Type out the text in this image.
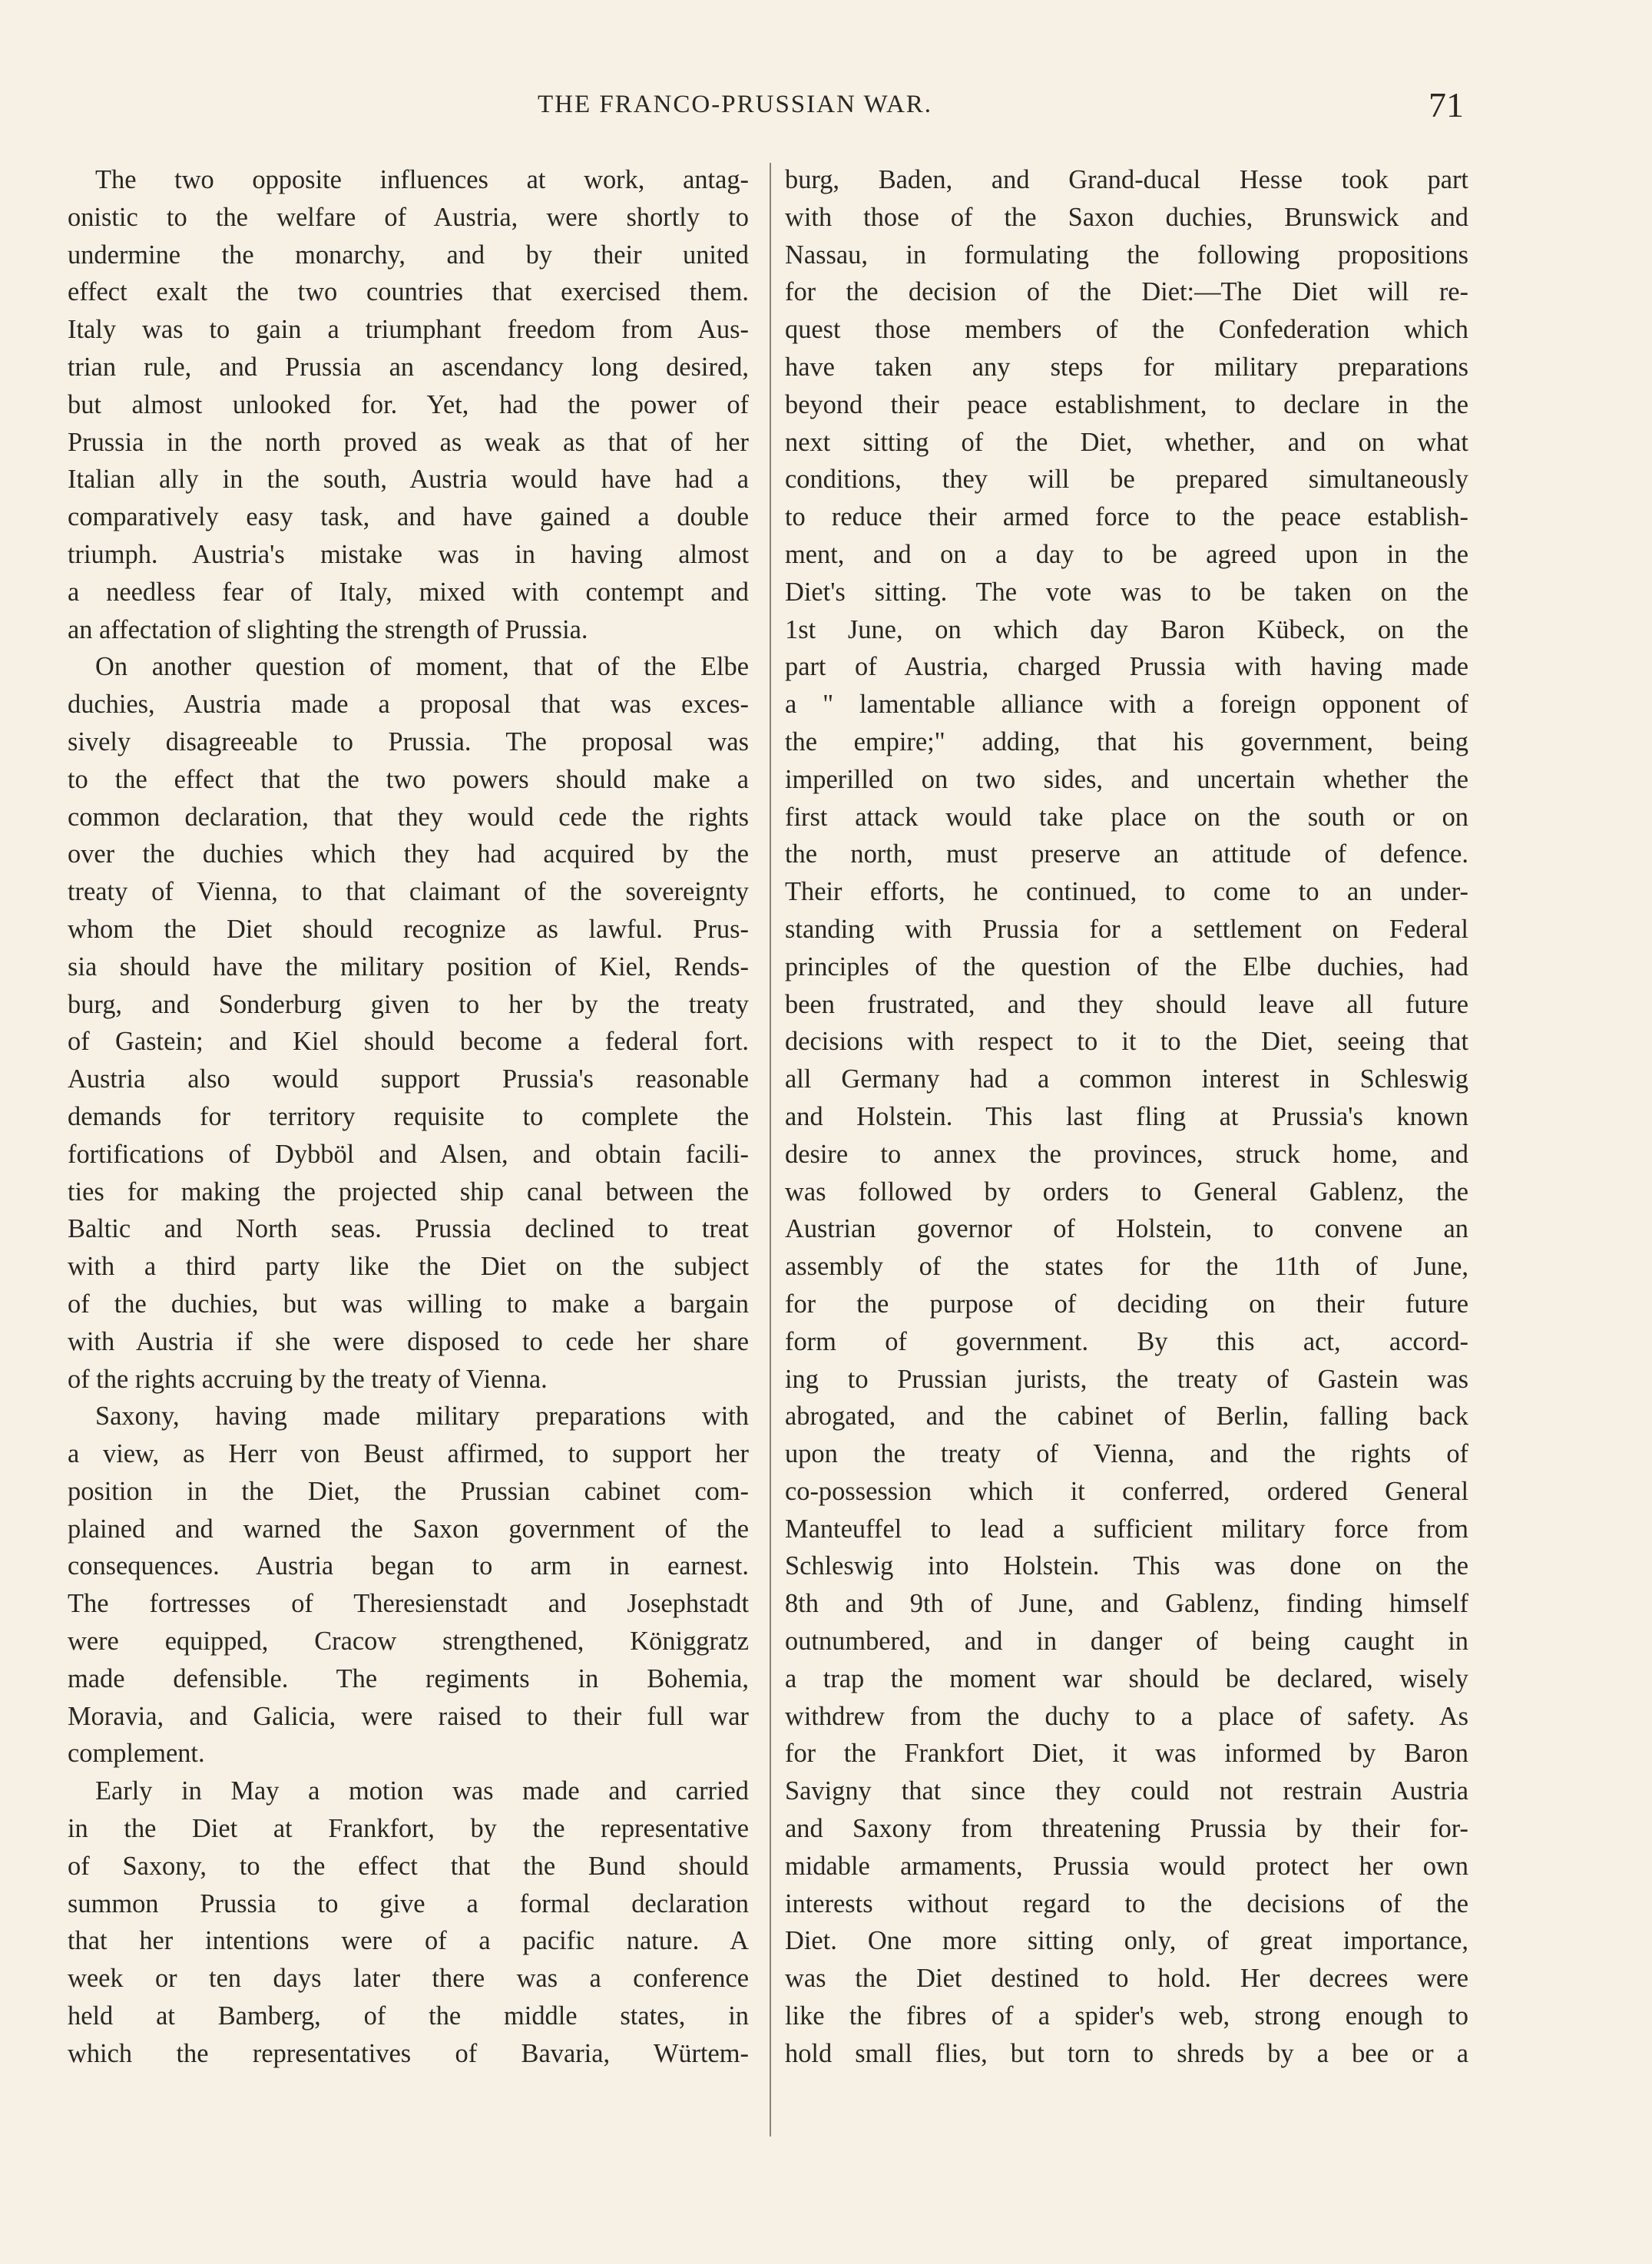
THE FRANCO-PRUSSIAN WAR.	71
The two opposite influences at work, antag-
onistic to the welfare of Austria, were shortly to
undermine the monarchy, and by their united
effect exalt the two countries that exercised them.
Italy was to gain a triumphant freedom from Aus-
trian rule, and Prussia an ascendancy long desired,
but almost unlooked for. Yet, had the power of
Prussia in the north proved as weak as that of her
Italian ally in the south, Austria would have had a
comparatively easy task, and have gained a double
triumph. Austria's mistake was in having almost
a needless fear of Italy, mixed with contempt and
an affectation of slighting the strength of Prussia.
On another question of moment, that of the Elbe
duchies, Austria made a proposal that was exces-
sively disagreeable to Prussia. The proposal was
to the effect that the two powers should make a
common declaration, that they would cede the rights
over the duchies which they had acquired by the
treaty of Vienna, to that claimant of the sovereignty
whom the Diet should recognize as lawful. Prus-
sia should have the military position of Kiel, Rends-
burg, and Sonderburg given to her by the treaty
of Gastein; and Kiel should become a federal fort.
Austria also would support Prussia's reasonable
demands for territory requisite to complete the
fortifications of Dybböl and Alsen, and obtain facili-
ties for making the projected ship canal between the
Baltic and North seas. Prussia declined to treat
with a third party like the Diet on the subject
of the duchies, but was willing to make a bargain
with Austria if she were disposed to cede her share
of the rights accruing by the treaty of Vienna.
Saxony, having made military preparations with
a view, as Herr von Beust affirmed, to support her
position in the Diet, the Prussian cabinet com-
plained and warned the Saxon government of the
consequences. Austria began to arm in earnest.
The fortresses of Theresienstadt and Josephstadt
were equipped, Cracow strengthened, Königgratz
made defensible. The regiments in Bohemia,
Moravia, and Galicia, were raised to their full war
complement.
Early in May a motion was made and carried
in the Diet at Frankfort, by the representative
of Saxony, to the effect that the Bund should
summon Prussia to give a formal declaration
that her intentions were of a pacific nature. A
week or ten days later there was a conference
held at Bamberg, of the middle states, in
which the representatives of Bavaria, Würtem-
burg, Baden, and Grand-ducal Hesse took part
with those of the Saxon duchies, Brunswick and
Nassau, in formulating the following propositions
for the decision of the Diet:—The Diet will re-
quest those members of the Confederation which
have taken any steps for military preparations
beyond their peace establishment, to declare in the
next sitting of the Diet, whether, and on what
conditions, they will be prepared simultaneously
to reduce their armed force to the peace establish-
ment, and on a day to be agreed upon in the
Diet's sitting. The vote was to be taken on the
1st June, on which day Baron Kübeck, on the
part of Austria, charged Prussia with having made
a " lamentable alliance with a foreign opponent of
the empire;" adding, that his government, being
imperilled on two sides, and uncertain whether the
first attack would take place on the south or on
the north, must preserve an attitude of defence.
Their efforts, he continued, to come to an under-
standing with Prussia for a settlement on Federal
principles of the question of the Elbe duchies, had
been frustrated, and they should leave all future
decisions with respect to it to the Diet, seeing that
all Germany had a common interest in Schleswig
and Holstein. This last fling at Prussia's known
desire to annex the provinces, struck home, and
was followed by orders to General Gablenz, the
Austrian governor of Holstein, to convene an
assembly of the states for the 11th of June,
for the purpose of deciding on their future
form of government. By this act, accord-
ing to Prussian jurists, the treaty of Gastein was
abrogated, and the cabinet of Berlin, falling back
upon the treaty of Vienna, and the rights of
co-possession which it conferred, ordered General
Manteuffel to lead a sufficient military force from
Schleswig into Holstein. This was done on the
8th and 9th of June, and Gablenz, finding himself
outnumbered, and in danger of being caught in
a trap the moment war should be declared, wisely
withdrew from the duchy to a place of safety. As
for the Frankfort Diet, it was informed by Baron
Savigny that since they could not restrain Austria
and Saxony from threatening Prussia by their for-
midable armaments, Prussia would protect her own
interests without regard to the decisions of the
Diet. One more sitting only, of great importance,
was the Diet destined to hold. Her decrees were
like the fibres of a spider's web, strong enough to
hold small flies, but torn to shreds by a bee or a
